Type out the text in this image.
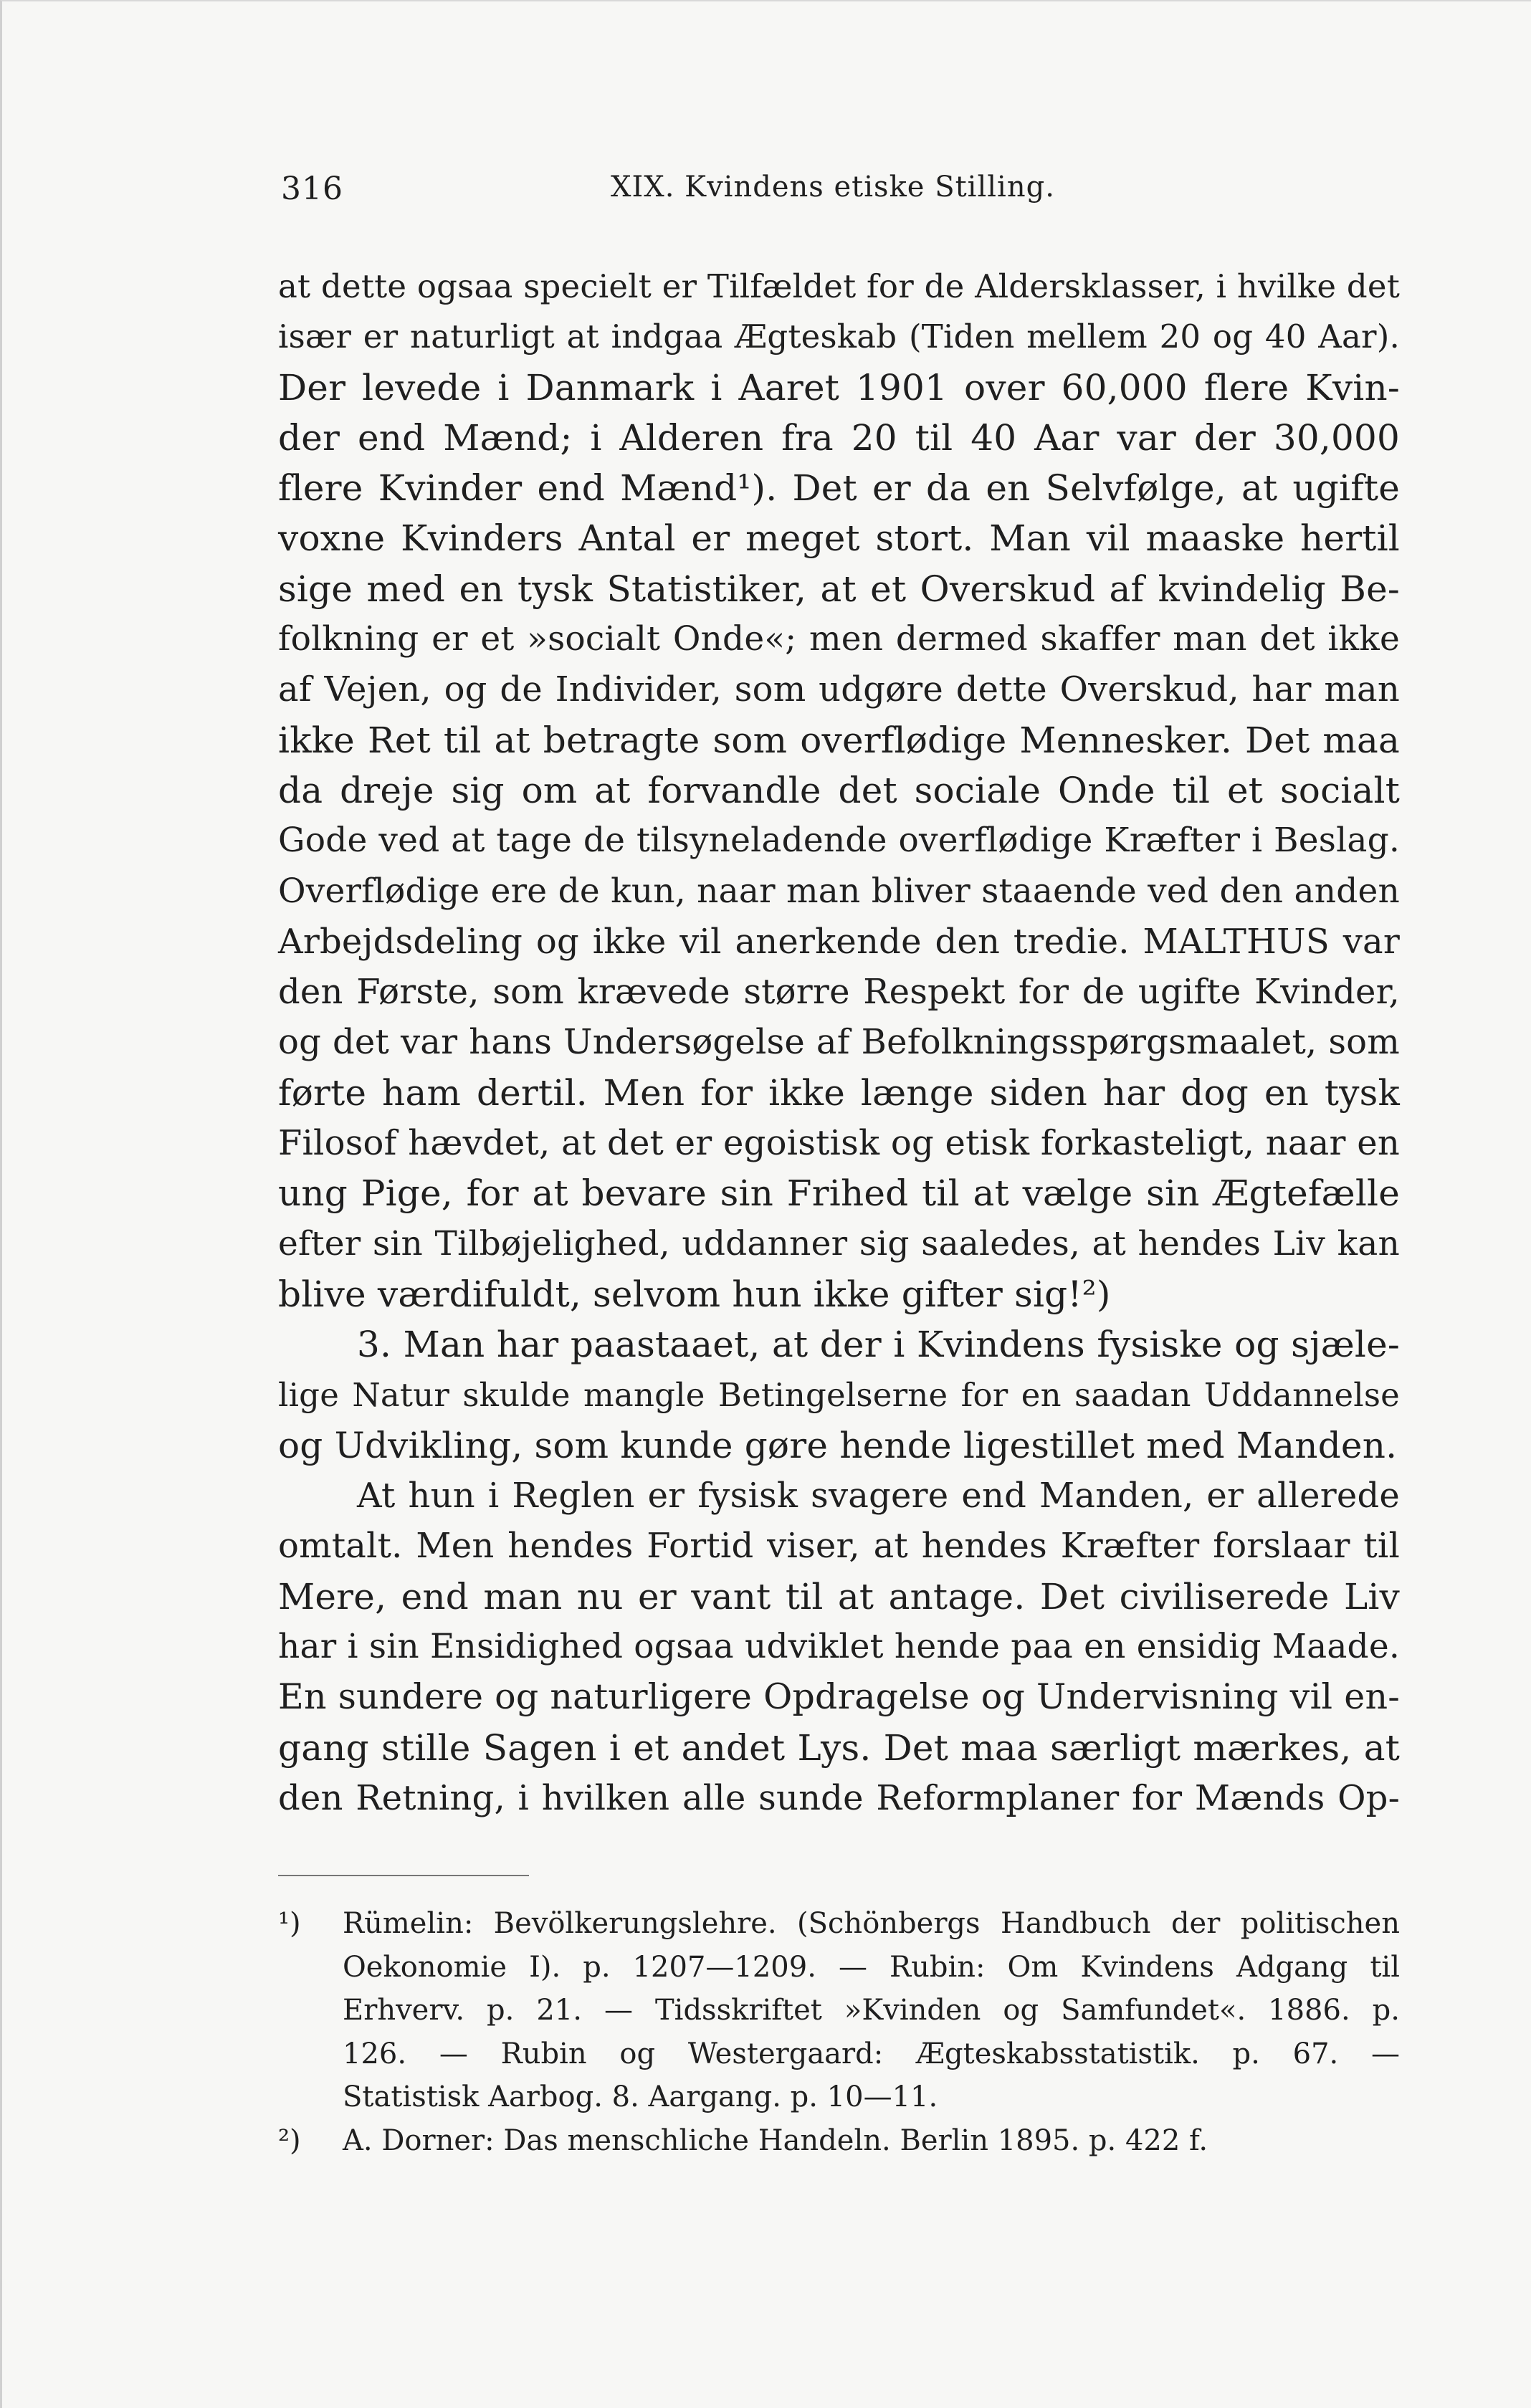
316	XIX. Kvindens etiske Stilling.
at dette ogsaa specielt er Tilfældet for de Aldersklasser, i hvilke det
især er naturligt at indgaa Ægteskab (Tiden mellem 20 og 40 Aar).
Der levede i Danmark i Aaret 1901 over 60,000 flere Kvin-
der end Mænd; i Alderen fra 20 til 40 Aar var der 30,000
flere Kvinder end Mænd¹). Det er da en Selvfølge, at ugifte
voxne Kvinders Antal er meget stort. Man vil maaske hertil
sige med en tysk Statistiker, at et Overskud af kvindelig Be-
folkning er et »socialt Onde«; men dermed skaffer man det ikke
af Vejen, og de Individer, som udgøre dette Overskud, har man
ikke Ret til at betragte som overflødige Mennesker. Det maa
da dreje sig om at forvandle det sociale Onde til et socialt
Gode ved at tage de tilsyneladende overflødige Kræfter i Beslag.
Overflødige ere de kun, naar man bliver staaende ved den anden
Arbejdsdeling og ikke vil anerkende den tredie. MALTHUS var
den Første, som krævede større Respekt for de ugifte Kvinder,
og det var hans Undersøgelse af Befolkningsspørgsmaalet, som
førte ham dertil. Men for ikke længe siden har dog en tysk
Filosof hævdet, at det er egoistisk og etisk forkasteligt, naar en
ung Pige, for at bevare sin Frihed til at vælge sin Ægtefælle
efter sin Tilbøjelighed, uddanner sig saaledes, at hendes Liv kan
blive værdifuldt, selvom hun ikke gifter sig!²)
3. Man har paastaaet, at der i Kvindens fysiske og sjæle-
lige Natur skulde mangle Betingelserne for en saadan Uddannelse
og Udvikling, som kunde gøre hende ligestillet med Manden.
At hun i Reglen er fysisk svagere end Manden, er allerede
omtalt. Men hendes Fortid viser, at hendes Kræfter forslaar til
Mere, end man nu er vant til at antage. Det civiliserede Liv
har i sin Ensidighed ogsaa udviklet hende paa en ensidig Maade.
En sundere og naturligere Opdragelse og Undervisning vil en-
gang stille Sagen i et andet Lys. Det maa særligt mærkes, at
den Retning, i hvilken alle sunde Reformplaner for Mænds Op-
¹) Rümelin: Bevölkerungslehre. (Schönbergs Handbuch der politischen
Oekonomie I). p. 1207—1209. — Rubin: Om Kvindens Adgang til
Erhverv. p. 21. — Tidsskriftet »Kvinden og Samfundet«. 1886. p.
126. — Rubin og Westergaard: Ægteskabsstatistik. p. 67. —
Statistisk Aarbog. 8. Aargang. p. 10—11.
²) A. Dorner: Das menschliche Handeln. Berlin 1895. p. 422 f.
